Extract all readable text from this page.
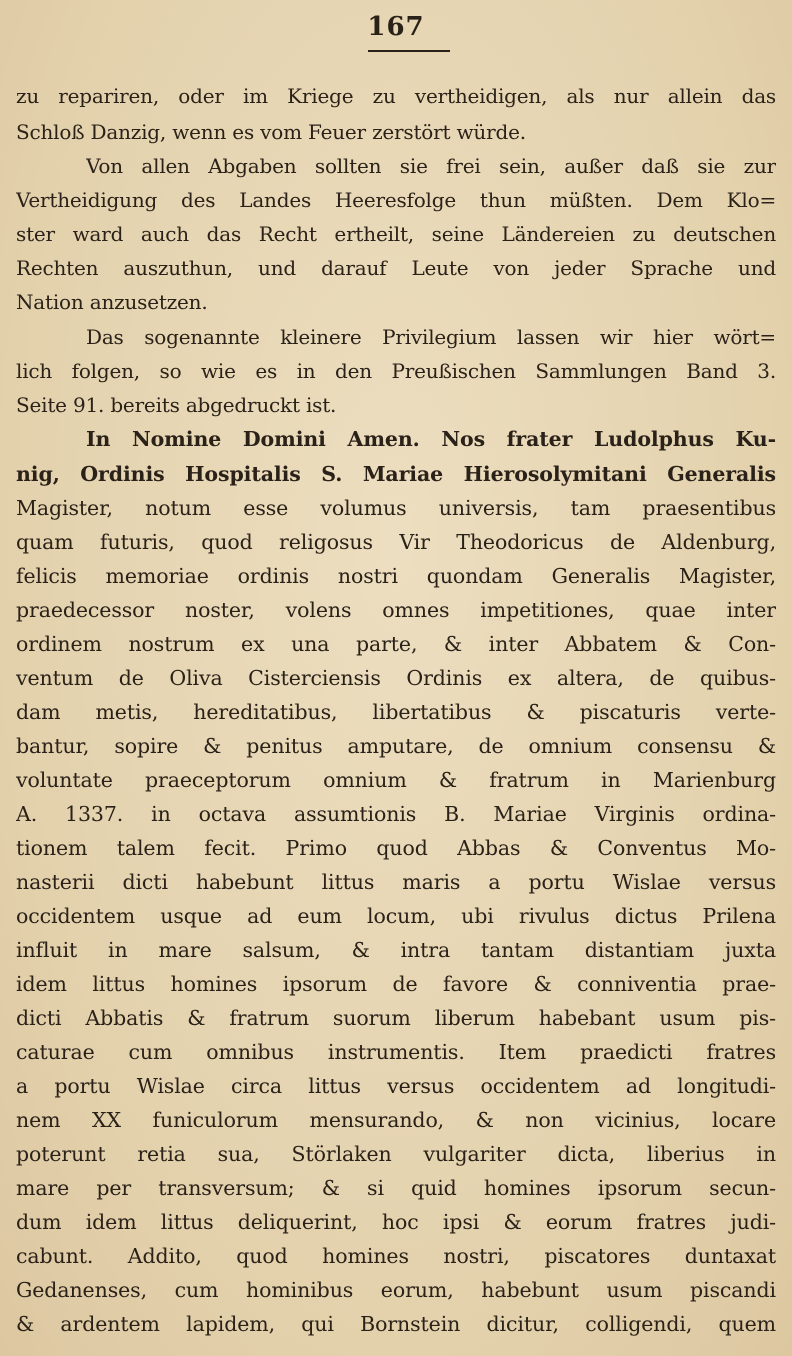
167

zu repariren, oder im Kriege zu vertheidigen, als nur allein das

Schloß Danzig, wenn es vom Feuer zerstört würde.

Von allen Abgaben sollten sie frei sein, außer daß sie zur

Vertheidigung des Landes Heeresfolge thun müßten. Dem Klo=

ster ward auch das Recht ertheilt, seine Ländereien zu deutschen

Rechten auszuthun, und darauf Leute von jeder Sprache und

Nation anzusetzen.

Das sogenannte kleinere Privilegium lassen wir hier wört=

lich folgen, so wie es in den Preußischen Sammlungen Band 3.

Seite 91. bereits abgedruckt ist.

In Nomine Domini Amen. Nos frater Ludolphus Ku-

nig, Ordinis Hospitalis S. Mariae Hierosolymitani Generalis

Magister, notum esse volumus universis, tam praesentibus

quam futuris, quod religosus Vir Theodoricus de Aldenburg,

felicis memoriae ordinis nostri quondam Generalis Magister,

praedecessor noster, volens omnes impetitiones, quae inter

ordinem nostrum ex una parte, & inter Abbatem & Con-

ventum de Oliva Cisterciensis Ordinis ex altera, de quibus-

dam metis, hereditatibus, libertatibus & piscaturis verte-

bantur, sopire & penitus amputare, de omnium consensu &

voluntate praeceptorum omnium & fratrum in Marienburg

A. 1337. in octava assumtionis B. Mariae Virginis ordina-

tionem talem fecit. Primo quod Abbas & Conventus Mo-

nasterii dicti habebunt littus maris a portu Wislae versus

occidentem usque ad eum locum, ubi rivulus dictus Prilena

influit in mare salsum, & intra tantam distantiam juxta

idem littus homines ipsorum de favore & conniventia prae-

dicti Abbatis & fratrum suorum liberum habebant usum pis-

caturae cum omnibus instrumentis. Item praedicti fratres

a portu Wislae circa littus versus occidentem ad longitudi-

nem XX funiculorum mensurando, & non vicinius, locare

poterunt retia sua, Störlaken vulgariter dicta, liberius in

mare per transversum; & si quid homines ipsorum secun-

dum idem littus deliquerint, hoc ipsi & eorum fratres judi-

cabunt. Addito, quod homines nostri, piscatores duntaxat

Gedanenses, cum hominibus eorum, habebunt usum piscandi

& ardentem lapidem, qui Bornstein dicitur, colligendi, quem
